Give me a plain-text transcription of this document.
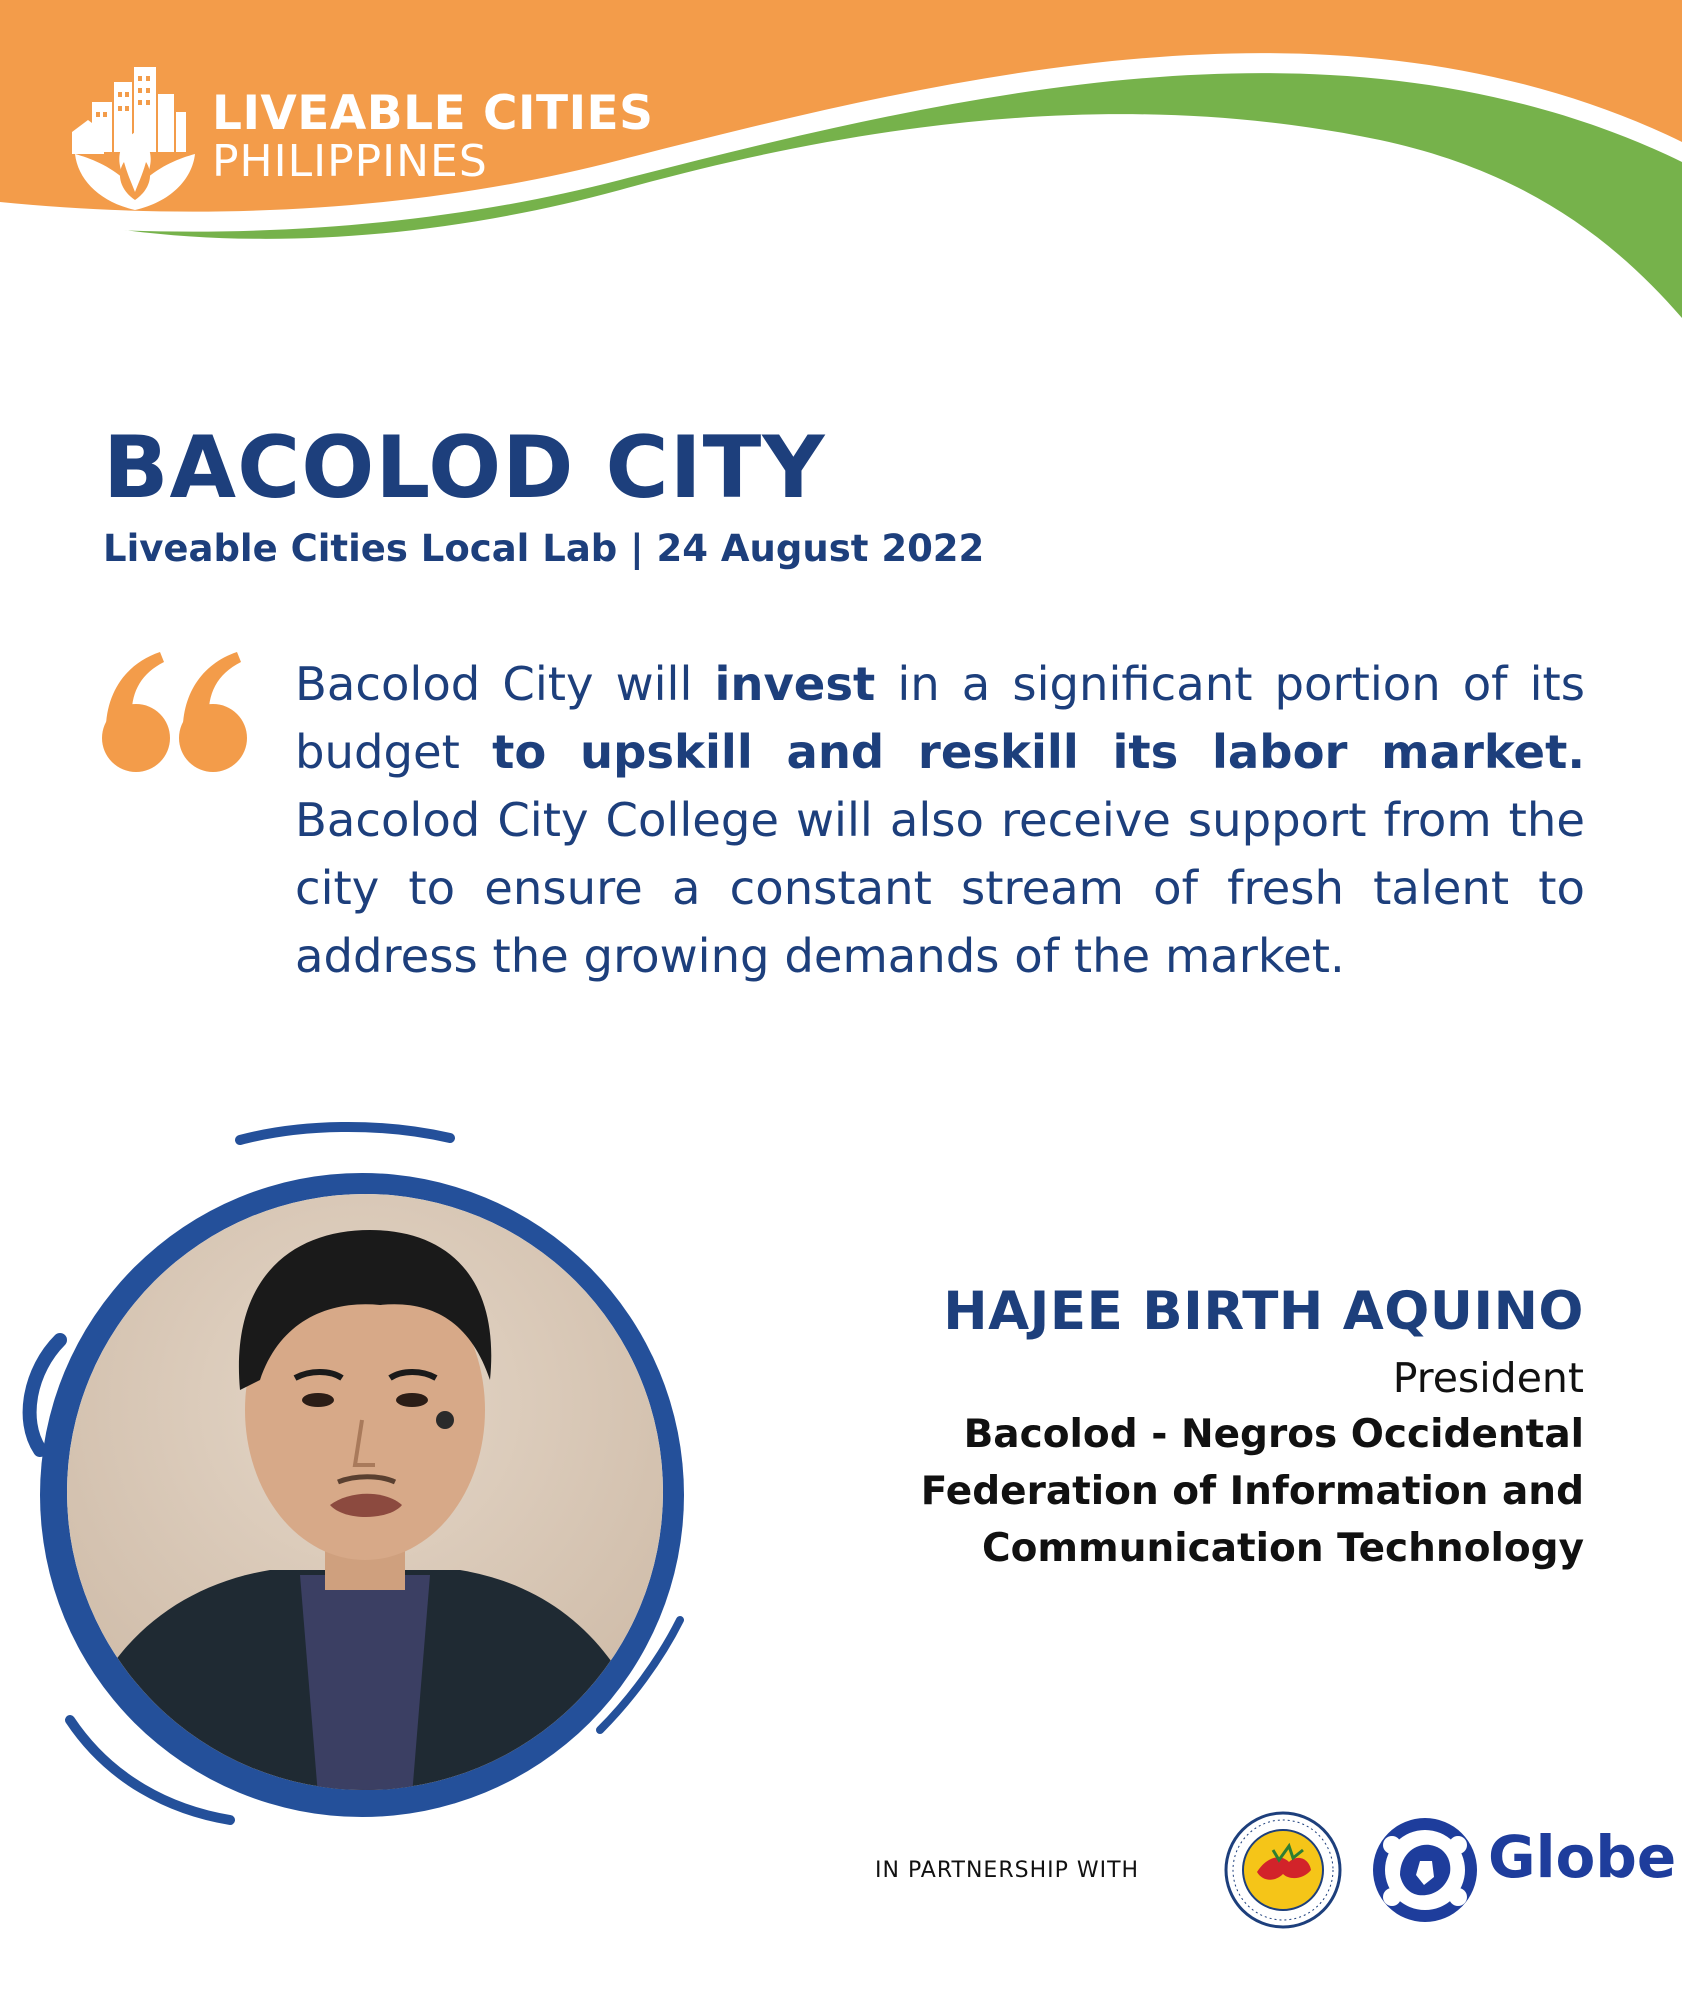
LIVEABLE CITIES
PHILIPPINES
BACOLOD CITY
Liveable Cities Local Lab | 24 August 2022

Bacolod City will invest in a significant portion of its budget to upskill and reskill its labor market. Bacolod City College will also receive support from the city to ensure a constant stream of fresh talent to address the growing demands of the market.

HAJEE BIRTH AQUINO
President
Bacolod - Negros Occidental
Federation of Information and
Communication Technology
IN PARTNERSHIP WITH	Globe
